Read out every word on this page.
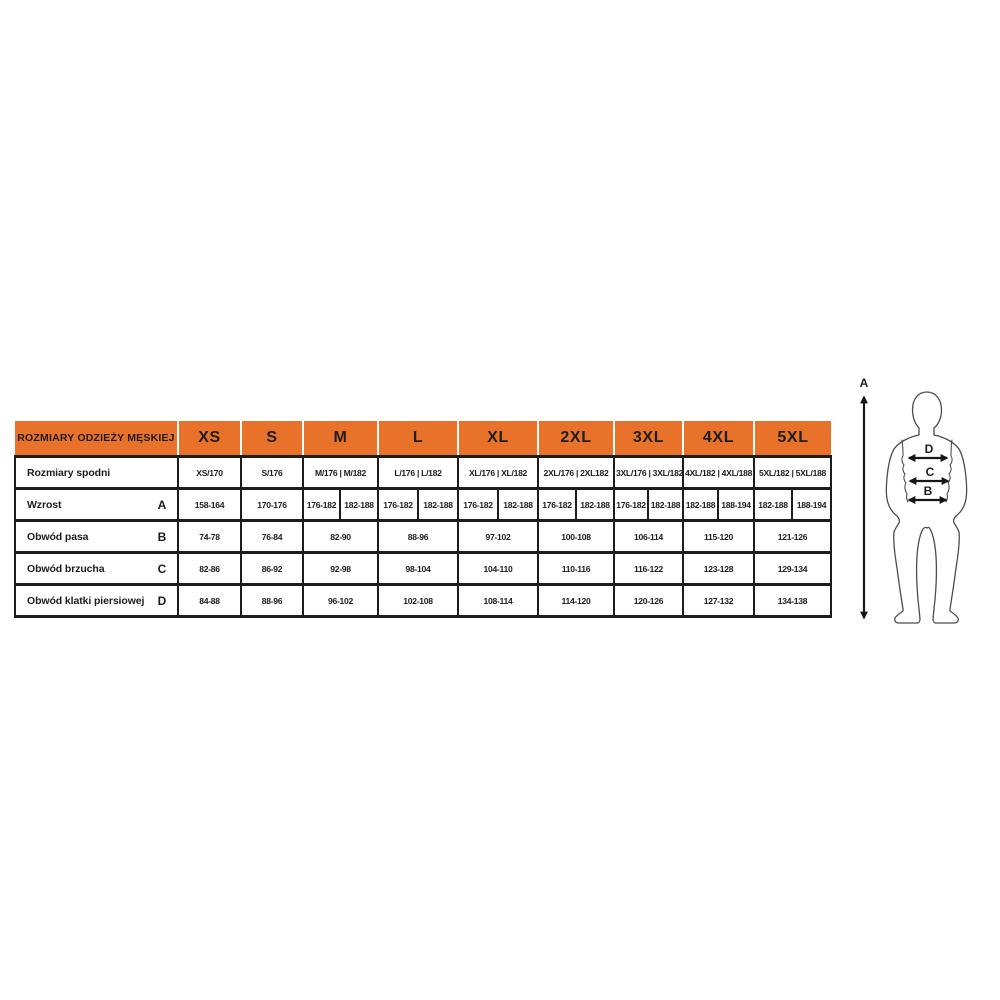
ROZMIARY ODZIEŻY MĘSKIEJ	XS	S	M		L		XL		2XL		3XL		4XL		5XL	

Rozmiary spodni	XS/170	S/176	M/176 | M/182		L/176 | L/182		XL/176 | XL/182		2XL/176 | 2XL182		3XL/176 | 3XL/182		4XL/182 | 4XL/188		5XL/182 | 5XL/188	

Wzrost A	158-164	170-176	176-182	182-188	176-182	182-188	176-182	182-188	176-182	182-188	176-182	182-188	182-188	188-194	182-188	188-194

Obwód pasa B	74-78	76-84	82-90		88-96		97-102		100-108		106-114		115-120		121-126	

Obwód brzucha C	82-86	86-92	92-98		98-104		104-110		110-116		116-122		123-128		129-134	

Obwód klatki piersiowej D	84-88	88-96	96-102		102-108		108-114		114-120		120-126		127-132		134-138	
A
D
C
B
